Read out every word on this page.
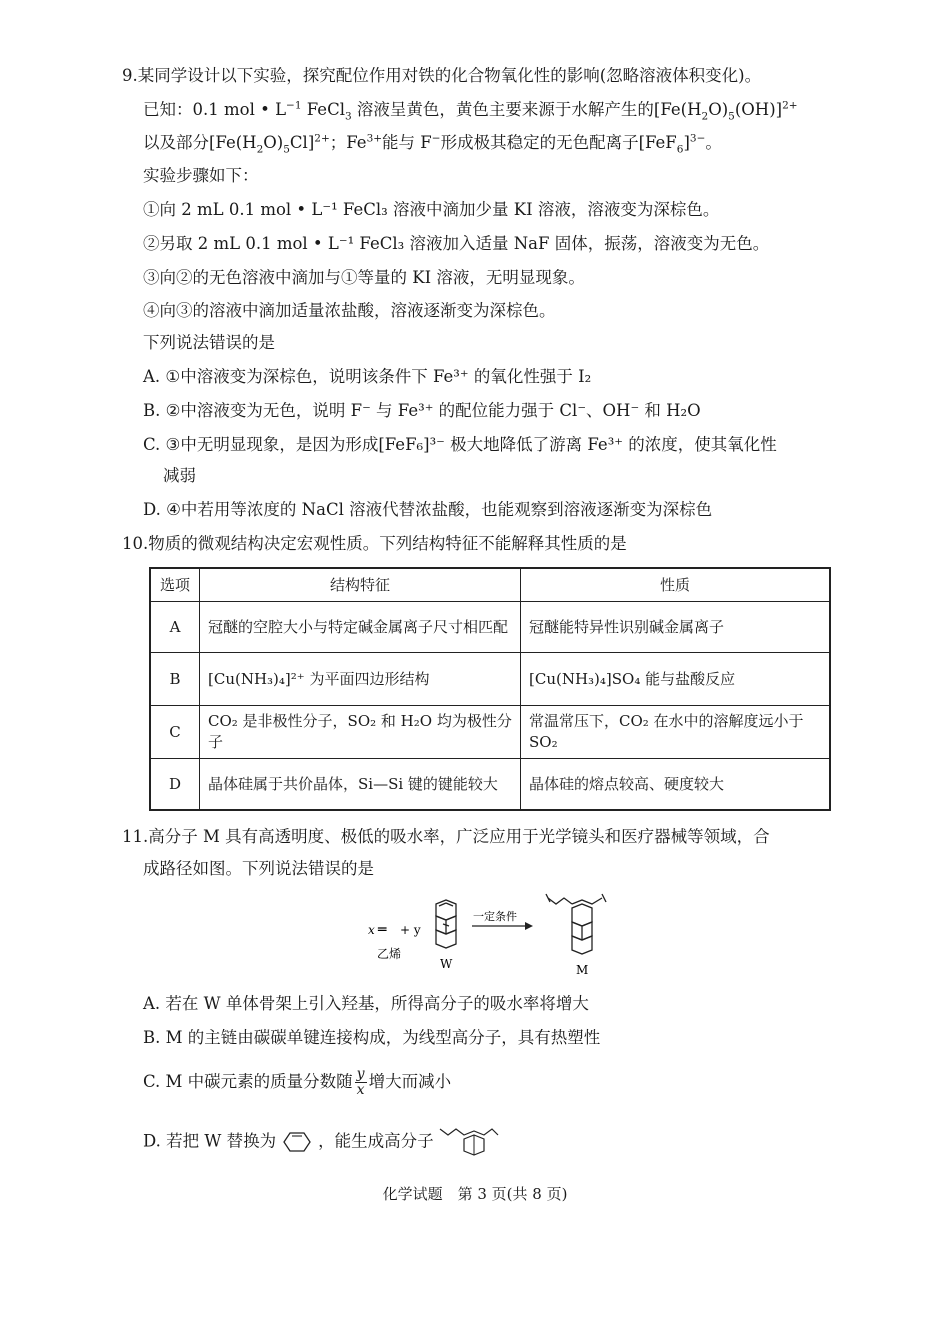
9.某同学设计以下实验，探究配位作用对铁的化合物氧化性的影响(忽略溶液体积变化)。
已知：0.1 mol • $L^{-1}$ FeCl$_3$ 溶液呈黄色，黄色主要来源于水解产生的$[Fe(H_2O)_5(OH)]^{2+}$
以及部分$[Fe(H_2O)_5Cl]^{2+}$；$Fe^{3+}$能与 F−形成极其稳定的无色配离子$[FeF_6]^{3-}$。
实验步骤如下：
①向 2 mL 0.1 mol • L⁻¹ FeCl₃ 溶液中滴加少量 KI 溶液，溶液变为深棕色。
②另取 2 mL 0.1 mol • L⁻¹ FeCl₃ 溶液加入适量 NaF 固体，振荡，溶液变为无色。
③向②的无色溶液中滴加与①等量的 KI 溶液，无明显现象。
④向③的溶液中滴加适量浓盐酸，溶液逐渐变为深棕色。
下列说法错误的是
A. ①中溶液变为深棕色，说明该条件下 Fe³⁺ 的氧化性强于 I₂
B. ②中溶液变为无色，说明 F⁻ 与 Fe³⁺ 的配位能力强于 Cl⁻、OH⁻ 和 H₂O
C. ③中无明显现象，是因为形成[FeF₆]³⁻ 极大地降低了游离 Fe³⁺ 的浓度，使其氧化性
减弱
D. ④中若用等浓度的 NaCl 溶液代替浓盐酸，也能观察到溶液逐渐变为深棕色
10.物质的微观结构决定宏观性质。下列结构特征不能解释其性质的是
选项	结构特征	性质
A	冠醚的空腔大小与特定碱金属离子尺寸相匹配	冠醚能特异性识别碱金属离子
B	[Cu(NH₃)₄]²⁺ 为平面四边形结构	[Cu(NH₃)₄]SO₄ 能与盐酸反应
C	CO₂ 是非极性分子，SO₂ 和 H₂O 均为极性分子	常温常压下，CO₂ 在水中的溶解度远小于 SO₂
D	晶体硅属于共价晶体，Si—Si 键的键能较大	晶体硅的熔点较高、硬度较大
11.高分子 M 具有高透明度、极低的吸水率，广泛应用于光学镜头和医疗器械等领域，合
成路径如图。下列说法错误的是
x ═ + y
乙烯
W
一定条件
M
A. 若在 W 单体骨架上引入羟基，所得高分子的吸水率将增大
B. M 的主链由碳碳单键连接构成，为线型高分子，具有热塑性
C. M 中碳元素的质量分数随 $\frac{y}{x}$ 增大而减小
D. 若把 W 替换为	，能生成高分子
化学试题　第 3 页(共 8 页)
